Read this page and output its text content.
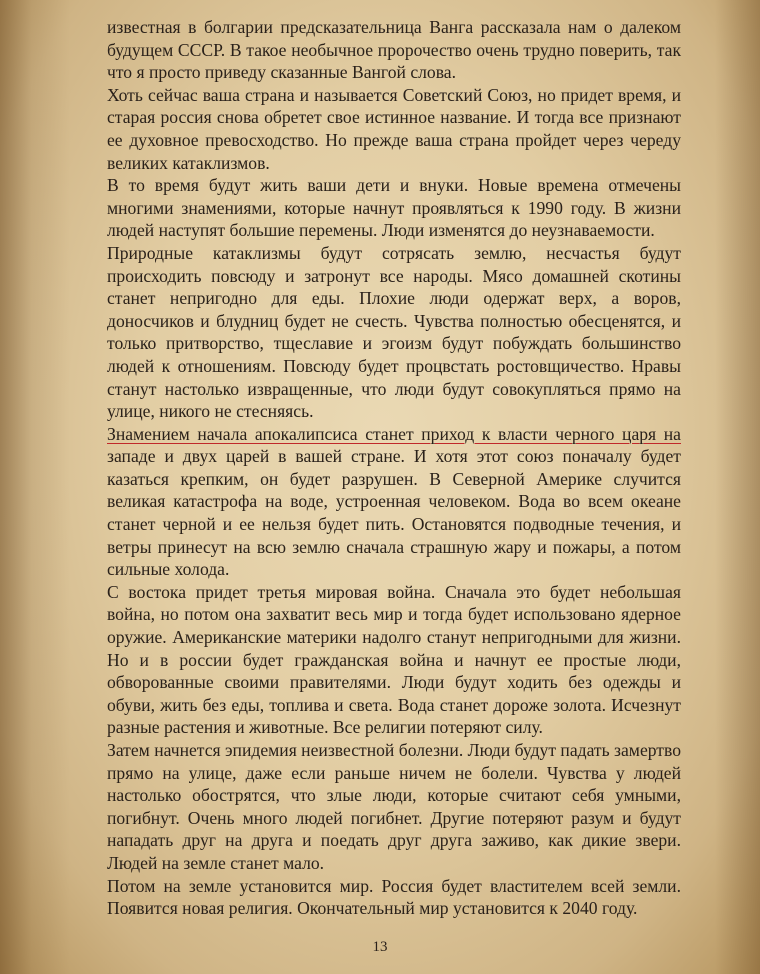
известная в болгарии предсказательница Ванга рассказала нам о далеком будущем СССР. В такое необычное пророчество очень трудно поверить, так что я просто приведу сказанные Вангой слова.

Хоть сейчас ваша страна и называется Советский Союз, но придет время, и старая россия снова обретет свое истинное название. И тогда все признают ее духовное превосходство. Но прежде ваша страна пройдет через череду великих катаклизмов.

В то время будут жить ваши дети и внуки. Новые времена отмечены многими знамениями, которые начнут проявляться к 1990 году. В жизни людей наступят большие перемены. Люди изменятся до неузнаваемости.

Природные катаклизмы будут сотрясать землю, несчастья будут происходить повсюду и затронут все народы. Мясо домашней скотины станет непригодно для еды. Плохие люди одержат верх, а воров, доносчиков и блудниц будет не счесть. Чувства полностью обесценятся, и только притворство, тщеславие и эгоизм будут побуждать большинство людей к отношениям. Повсюду будет процвстать ростовщичество. Нравы станут настолько извращенные, что люди будут совокупляться прямо на улице, никого не стесняясь.

Знамением начала апокалипсиса станет приход к власти черного царя на западе и двух царей в вашей стране. И хотя этот союз поначалу будет казаться крепким, он будет разрушен. В Северной Америке случится великая катастрофа на воде, устроенная человеком. Вода во всем океане станет черной и ее нельзя будет пить. Остановятся подводные течения, и ветры принесут на всю землю сначала страшную жару и пожары, а потом сильные холода.

С востока придет третья мировая война. Сначала это будет небольшая война, но потом она захватит весь мир и тогда будет использовано ядерное оружие. Американские материки надолго станут непригодными для жизни. Но и в россии будет гражданская война и начнут ее простые люди, обворованные своими правителями. Люди будут ходить без одежды и обуви, жить без еды, топлива и света. Вода станет дороже золота. Исчезнут разные растения и животные. Все религии потеряют силу.

Затем начнется эпидемия неизвестной болезни. Люди будут падать замертво прямо на улице, даже если раньше ничем не болели. Чувства у людей настолько обострятся, что злые люди, которые считают себя умными, погибнут. Очень много людей погибнет. Другие потеряют разум и будут нападать друг на друга и поедать друг друга заживо, как дикие звери. Людей на земле станет мало.

Потом на земле установится мир. Россия будет властителем всей земли. Появится новая религия. Окончательный мир установится к 2040 году.

13
